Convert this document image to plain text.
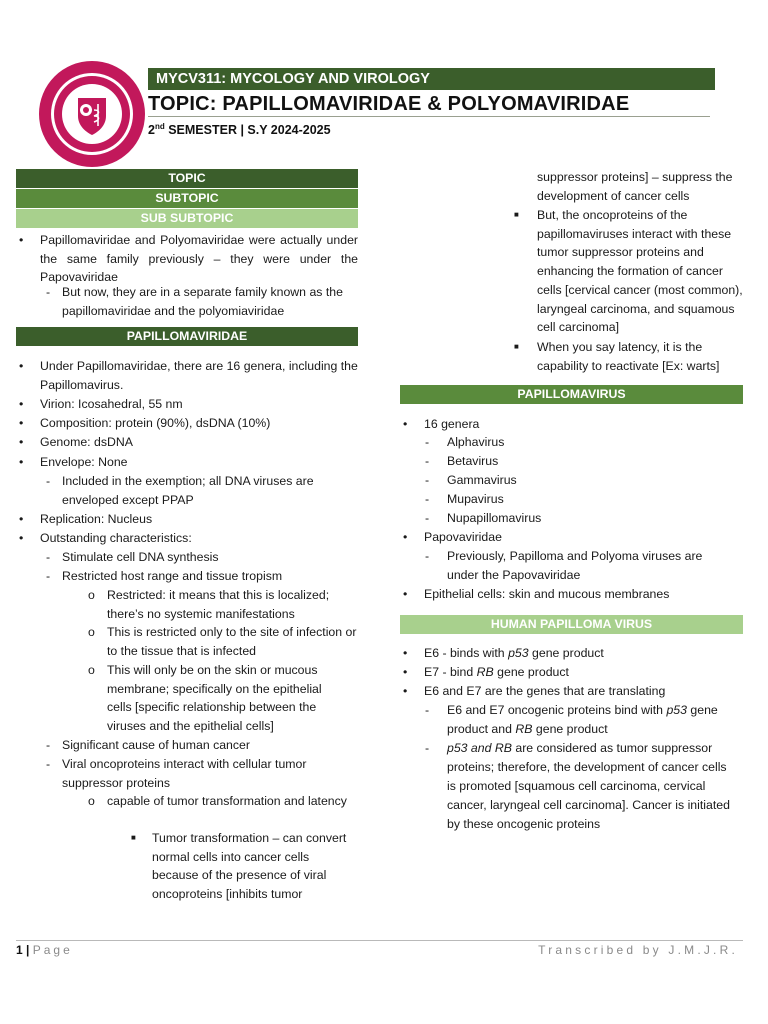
MYCV311: MYCOLOGY AND VIROLOGY
TOPIC: PAPILLOMAVIRIDAE & POLYOMAVIRIDAE
2nd SEMESTER | S.Y 2024-2025
TOPIC
SUBTOPIC
SUB SUBTOPIC
• Papillomaviridae and Polyomaviridae were actually under the same family previously – they were under the Papovaviridae
- But now, they are in a separate family known as the papillomaviridae and the polyomiaviridae
PAPILLOMAVIRIDAE
• Under Papillomaviridae, there are 16 genera, including the Papillomavirus.
• Virion: Icosahedral, 55 nm
• Composition: protein (90%), dsDNA (10%)
• Genome: dsDNA
• Envelope: None
- Included in the exemption; all DNA viruses are enveloped except PPAP
• Replication: Nucleus
• Outstanding characteristics:
- Stimulate cell DNA synthesis
- Restricted host range and tissue tropism
o Restricted: it means that this is localized; there’s no systemic manifestations
o This is restricted only to the site of infection or to the tissue that is infected
o This will only be on the skin or mucous membrane; specifically on the epithelial cells [specific relationship between the viruses and the epithelial cells]
- Significant cause of human cancer
- Viral oncoproteins interact with cellular tumor suppressor proteins
o capable of tumor transformation and latency
■ Tumor transformation – can convert normal cells into cancer cells because of the presence of viral oncoproteins [inhibits tumor
suppressor proteins] – suppress the development of cancer cells
■ But, the oncoproteins of the papillomaviruses interact with these tumor suppressor proteins and enhancing the formation of cancer cells [cervical cancer (most common), laryngeal carcinoma, and squamous cell carcinoma]
■ When you say latency, it is the capability to reactivate [Ex: warts]
PAPILLOMAVIRUS
• 16 genera
- Alphavirus
- Betavirus
- Gammavirus
- Mupavirus
- Nupapillomavirus
• Papovaviridae
- Previously, Papilloma and Polyoma viruses are under the Papovaviridae
• Epithelial cells: skin and mucous membranes
HUMAN PAPILLOMA VIRUS
• E6 - binds with p53 gene product
• E7 - bind RB gene product
• E6 and E7 are the genes that are translating
- E6 and E7 oncogenic proteins bind with p53 gene
product and RB gene product
- p53 and RB are considered as tumor suppressor
proteins; therefore, the development of cancer cells
is promoted [squamous cell carcinoma, cervical
cancer, laryngeal cell carcinoma]. Cancer is initiated
by these oncogenic proteins
1 | Page	Transcribed by J.M.J.R.
